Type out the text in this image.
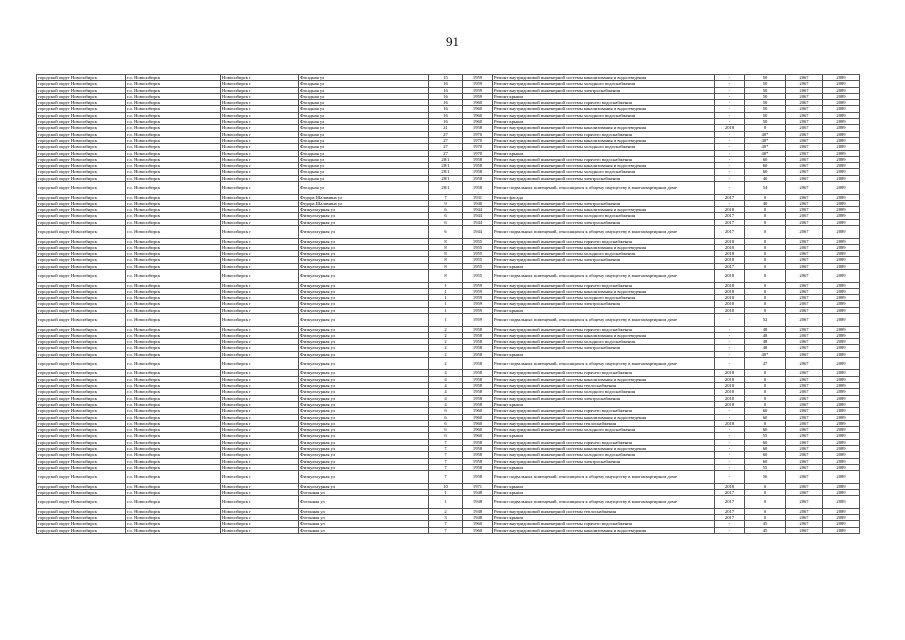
91
городской округ Новосибирск	г.о. Новосибирск	Новосибирск г	Фасадная ул	15	1959	Ремонт внутридомовой инженерной системы канализования и водоотведения	-	50	2067	2089
городской округ Новосибирск	г.о. Новосибирск	Новосибирск г	Фасадная ул	16	1959	Ремонт внутридомовой инженерной системы холодного водоснабжения	-	50	2067	2089
городской округ Новосибирск	г.о. Новосибирск	Новосибирск г	Фасадная ул	16	1959	Ремонт внутридомовой инженерной системы электроснабжения	-	50	2067	2089
городской округ Новосибирск	г.о. Новосибирск	Новосибирск г	Фасадная ул	16	1959	Ремонт крыши	-	50	2067	2089
городской округ Новосибирск	г.о. Новосибирск	Новосибирск г	Фасадная ул	16	1960	Ремонт внутридомовой инженерной системы горячего водоснабжения	-	50	2067	2089
городской округ Новосибирск	г.о. Новосибирск	Новосибирск г	Фасадная ул	16	1960	Ремонт внутридомовой инженерной системы канализования и водоотведения	-	50	2067	2089
городской округ Новосибирск	г.о. Новосибирск	Новосибирск г	Фасадная ул	16	1960	Ремонт внутридомовой инженерной системы холодного водоснабжения	-	50	2067	2089
городской округ Новосибирск	г.о. Новосибирск	Новосибирск г	Фасадная ул	16	1960	Ремонт крыши	-	50	2067	2089
городской округ Новосибирск	г.о. Новосибирск	Новосибирск г	Фасадная ул	21	1958	Ремонт внутридомовой инженерной системы канализования и водоотведения	2018	0	2067	2089
городской округ Новосибирск	г.о. Новосибирск	Новосибирск г	Фасадная ул	27	1970	Ремонт внутридомовой инженерной системы горячего водоснабжения	-	40*	2067	2089
городской округ Новосибирск	г.о. Новосибирск	Новосибирск г	Фасадная ул	27	1970	Ремонт внутридомовой инженерной системы канализования и водоотведения	-	40*	2067	2089
городской округ Новосибирск	г.о. Новосибирск	Новосибирск г	Фасадная ул	27	1970	Ремонт внутридомовой инженерной системы холодного водоснабжения	-	40*	2067	2089
городской округ Новосибирск	г.о. Новосибирск	Новосибирск г	Фасадная ул	27	1970	Ремонт крыши	-	40*	2067	2089
городской округ Новосибирск	г.о. Новосибирск	Новосибирск г	Фасадная ул	28/1	1958	Ремонт внутридомовой инженерной системы горячего водоснабжения	-	60	2067	2089
городской округ Новосибирск	г.о. Новосибирск	Новосибирск г	Фасадная ул	28/1	1958	Ремонт внутридомовой инженерной системы канализования и водоотведения	-	60	2067	2089
городской округ Новосибирск	г.о. Новосибирск	Новосибирск г	Фасадная ул	28/1	1958	Ремонт внутридомовой инженерной системы холодного водоснабжения	-	60	2067	2089
городской округ Новосибирск	г.о. Новосибирск	Новосибирск г	Фасадная ул	28/1	1958	Ремонт внутридомовой инженерной системы электроснабжения	-	40	2067	2089
городской округ Новосибирск	г.о. Новосибирск	Новосибирск г	Фасадная ул	28/1	1958	Ремонт подвальных помещений, относящихся к общему имуществу в многоквартирном доме	-	54	2067	2089
городской округ Новосибирск	г.о. Новосибирск	Новосибирск г	Федора Шалямина ул	7	1931	Ремонт фасада	2017	0	2067	2089
городской округ Новосибирск	г.о. Новосибирск	Новосибирск г	Федора Шалямина ул	9	1940	Ремонт внутридомовой инженерной системы электроснабжения	-	40	2067	2089
городской округ Новосибирск	г.о. Новосибирск	Новосибирск г	Физкультурная ул	6	1944	Ремонт внутридомовой инженерной системы канализования и водоотведения	2018	0	2067	2089
городской округ Новосибирск	г.о. Новосибирск	Новосибирск г	Физкультурная ул	6	1944	Ремонт внутридомовой инженерной системы холодного водоснабжения	2017	0	2067	2089
городской округ Новосибирск	г.о. Новосибирск	Новосибирск г	Физкультурная ул	6	1944	Ремонт внутридомовой инженерной системы электроснабжения	2017	0	2067	2089
городской округ Новосибирск	г.о. Новосибирск	Новосибирск г	Физкультурная ул	6	1944	Ремонт подвальных помещений, относящихся к общему имуществу в многоквартирном доме	2017	0	2067	2089
городской округ Новосибирск	г.о. Новосибирск	Новосибирск г	Физкультурная ул	8	1955	Ремонт внутридомовой инженерной системы горячего водоснабжения	2018	0	2067	2089
городской округ Новосибирск	г.о. Новосибирск	Новосибирск г	Физкультурная ул	8	1955	Ремонт внутридомовой инженерной системы канализования и водоотведения	2018	0	2067	2089
городской округ Новосибирск	г.о. Новосибирск	Новосибирск г	Физкультурная ул	8	1955	Ремонт внутридомовой инженерной системы холодного водоснабжения	2018	0	2067	2089
городской округ Новосибирск	г.о. Новосибирск	Новосибирск г	Физкультурная ул	8	1955	Ремонт внутридомовой инженерной системы электроснабжения	2018	0	2067	2089
городской округ Новосибирск	г.о. Новосибирск	Новосибирск г	Физкультурная ул	8	1955	Ремонт крыши	2017	0	2067	2089
городской округ Новосибирск	г.о. Новосибирск	Новосибирск г	Физкультурная ул	8	1955	Ремонт подвальных помещений, относящихся к общему имуществу в многоквартирном доме	2018	0	2067	2089
городской округ Новосибирск	г.о. Новосибирск	Новосибирск г	Физкультурная ул	1	1959	Ремонт внутридомовой инженерной системы горячего водоснабжения	2018	0	2067	2089
городской округ Новосибирск	г.о. Новосибирск	Новосибирск г	Физкультурная ул	1	1959	Ремонт внутридомовой инженерной системы канализования и водоотведения	2018	0	2067	2089
городской округ Новосибирск	г.о. Новосибирск	Новосибирск г	Физкультурная ул	1	1959	Ремонт внутридомовой инженерной системы холодного водоснабжения	2018	0	2067	2089
городской округ Новосибирск	г.о. Новосибирск	Новосибирск г	Физкультурная ул	1	1959	Ремонт внутридомовой инженерной системы электроснабжения	2018	0	2067	2089
городской округ Новосибирск	г.о. Новосибирск	Новосибирск г	Физкультурная ул	1	1959	Ремонт крыши	2018	0	2067	2089
городской округ Новосибирск	г.о. Новосибирск	Новосибирск г	Физкультурная ул	1	1959	Ремонт подвальных помещений, относящихся к общему имуществу в многоквартирном доме	-	52	2067	2089
городской округ Новосибирск	г.о. Новосибирск	Новосибирск г	Физкультурная ул	2	1958	Ремонт внутридомовой инженерной системы горячего водоснабжения	-	48	2067	2089
городской округ Новосибирск	г.о. Новосибирск	Новосибирск г	Физкультурная ул	2	1958	Ремонт внутридомовой инженерной системы канализования и водоотведения	-	48	2067	2089
городской округ Новосибирск	г.о. Новосибирск	Новосибирск г	Физкультурная ул	2	1958	Ремонт внутридомовой инженерной системы холодного водоснабжения	-	48	2067	2089
городской округ Новосибирск	г.о. Новосибирск	Новосибирск г	Физкультурная ул	2	1958	Ремонт внутридомовой инженерной системы электроснабжения	-	48	2067	2089
городской округ Новосибирск	г.о. Новосибирск	Новосибирск г	Физкультурная ул	2	1958	Ремонт крыши	-	40*	2067	2089
городской округ Новосибирск	г.о. Новосибирск	Новосибирск г	Физкультурная ул	2	1958	Ремонт подвальных помещений, относящихся к общему имуществу в многоквартирном доме	-	47	2067	2089
городской округ Новосибирск	г.о. Новосибирск	Новосибирск г	Физкультурная ул	4	1958	Ремонт внутридомовой инженерной системы горячего водоснабжения	2018	0	2067	2089
городской округ Новосибирск	г.о. Новосибирск	Новосибирск г	Физкультурная ул	4	1958	Ремонт внутридомовой инженерной системы канализования и водоотведения	2018	0	2067	2089
городской округ Новосибирск	г.о. Новосибирск	Новосибирск г	Физкультурная ул	4	1958	Ремонт внутридомовой инженерной системы теплоснабжения	2018	0	2067	2089
городской округ Новосибирск	г.о. Новосибирск	Новосибирск г	Физкультурная ул	4	1958	Ремонт внутридомовой инженерной системы холодного водоснабжения	2018	0	2067	2089
городской округ Новосибирск	г.о. Новосибирск	Новосибирск г	Физкультурная ул	4	1958	Ремонт внутридомовой инженерной системы электроснабжения	2018	0	2067	2089
городской округ Новосибирск	г.о. Новосибирск	Новосибирск г	Физкультурная ул	4	1958	Ремонт крыши	2018	0	2067	2089
городской округ Новосибирск	г.о. Новосибирск	Новосибирск г	Физкультурная ул	6	1960	Ремонт внутридомовой инженерной системы горячего водоснабжения	-	60	2067	2089
городской округ Новосибирск	г.о. Новосибирск	Новосибирск г	Физкультурная ул	6	1960	Ремонт внутридомовой инженерной системы канализования и водоотведения	-	60	2067	2089
городской округ Новосибирск	г.о. Новосибирск	Новосибирск г	Физкультурная ул	6	1960	Ремонт внутридомовой инженерной системы теплоснабжения	2018	0	2067	2089
городской округ Новосибирск	г.о. Новосибирск	Новосибирск г	Физкультурная ул	6	1960	Ремонт внутридомовой инженерной системы холодного водоснабжения	-	60	2067	2089
городской округ Новосибирск	г.о. Новосибирск	Новосибирск г	Физкультурная ул	6	1960	Ремонт крыши	-	55	2067	2089
городской округ Новосибирск	г.о. Новосибирск	Новосибирск г	Физкультурная ул	7	1958	Ремонт внутридомовой инженерной системы горячего водоснабжения	-	60	2067	2089
городской округ Новосибирск	г.о. Новосибирск	Новосибирск г	Физкультурная ул	7	1958	Ремонт внутридомовой инженерной системы канализования и водоотведения	-	60	2067	2089
городской округ Новосибирск	г.о. Новосибирск	Новосибирск г	Физкультурная ул	7	1958	Ремонт внутридомовой инженерной системы холодного водоснабжения	-	60	2067	2089
городской округ Новосибирск	г.о. Новосибирск	Новосибирск г	Физкультурная ул	7	1958	Ремонт внутридомовой инженерной системы электроснабжения	-	60	2067	2089
городской округ Новосибирск	г.о. Новосибирск	Новосибирск г	Физкультурная ул	7	1958	Ремонт крыши	-	55	2067	2089
городской округ Новосибирск	г.о. Новосибирск	Новосибирск г	Физкультурная ул	7	1958	Ремонт подвальных помещений, относящихся к общему имуществу в многоквартирном доме	-	56	2067	2089
городской округ Новосибирск	г.о. Новосибирск	Новосибирск г	Физкультурная ул	10	1971	Ремонт крыши	2018	0	2067	2089
городской округ Новосибирск	г.о. Новосибирск	Новосибирск г	Фотонная ул	1	1948	Ремонт крыши	2017	0	2067	2089
городской округ Новосибирск	г.о. Новосибирск	Новосибирск г	Фотонная ул	1	1948	Ремонт подвальных помещений, относящихся к общему имуществу в многоквартирном доме	2017	0	2067	2089
городской округ Новосибирск	г.о. Новосибирск	Новосибирск г	Фотонная ул	2	1948	Ремонт внутридомовой инженерной системы теплоснабжения	2017	0	2067	2089
городской округ Новосибирск	г.о. Новосибирск	Новосибирск г	Фотонная ул	3	1948	Ремонт крыши	2017	0	2067	2089
городской округ Новосибирск	г.о. Новосибирск	Новосибирск г	Фотонная ул	7	1960	Ремонт внутридомовой инженерной системы горячего водоснабжения	-	45	2067	2089
городской округ Новосибирск	г.о. Новосибирск	Новосибирск г	Фотонная ул	7	1960	Ремонт внутридомовой инженерной системы канализования и водоотведения	-	45	2067	2089
